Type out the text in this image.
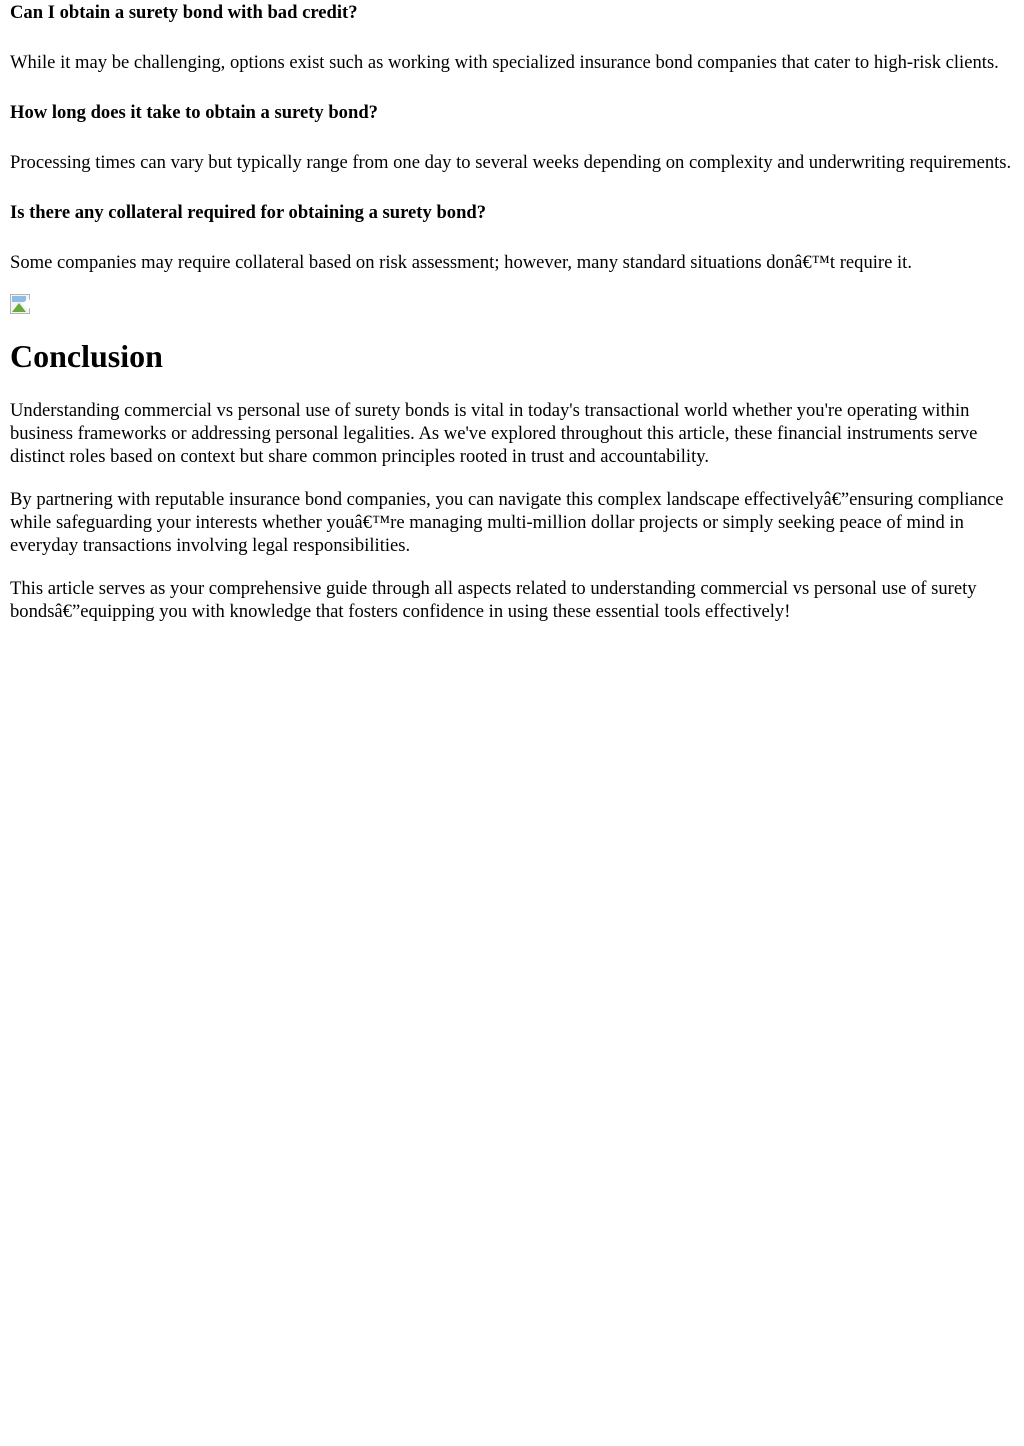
Can I obtain a surety bond with bad credit?

While it may be challenging, options exist such as working with specialized insurance bond companies that cater to high-risk clients.

How long does it take to obtain a surety bond?

Processing times can vary but typically range from one day to several weeks depending on complexity and underwriting requirements.

Is there any collateral required for obtaining a surety bond?

Some companies may require collateral based on risk assessment; however, many standard situations donâ€™t require it.

Conclusion

Understanding commercial vs personal use of surety bonds is vital in today's transactional world whether you're operating within business frameworks or addressing personal legalities. As we've explored throughout this article, these financial instruments serve distinct roles based on context but share common principles rooted in trust and accountability.

By partnering with reputable insurance bond companies, you can navigate this complex landscape effectivelyâ€”ensuring compliance while safeguarding your interests whether youâ€™re managing multi-million dollar projects or simply seeking peace of mind in everyday transactions involving legal responsibilities.

This article serves as your comprehensive guide through all aspects related to understanding commercial vs personal use of surety bondsâ€”equipping you with knowledge that fosters confidence in using these essential tools effectively!
